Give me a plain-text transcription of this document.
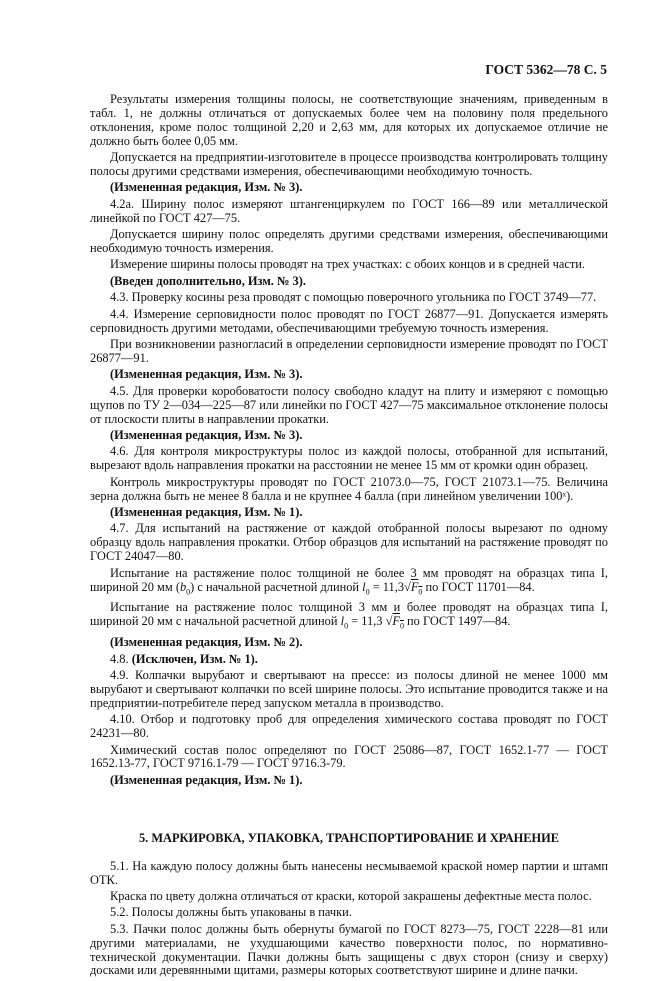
ГОСТ 5362—78 С. 5

Результаты измерения толщины полосы, не соответствующие значениям, приведенным в табл. 1, не должны отличаться от допускаемых более чем на половину поля предельного отклонения, кроме полос толщиной 2,20 и 2,63 мм, для которых их допускаемое отличие не должно быть более 0,05 мм.

Допускается на предприятии-изготовителе в процессе производства контролировать толщину полосы другими средствами измерения, обеспечивающими необходимую точность.

(Измененная редакция, Изм. № 3).

4.2а. Ширину полос измеряют штангенциркулем по ГОСТ 166—89 или металлической линейкой по ГОСТ 427—75.

Допускается ширину полос определять другими средствами измерения, обеспечивающими необходимую точность измерения.

Измерение ширины полосы проводят на трех участках: с обоих концов и в средней части.

(Введен дополнительно, Изм. № 3).

4.3. Проверку косины реза проводят с помощью поверочного угольника по ГОСТ 3749—77.

4.4. Измерение серповидности полос проводят по ГОСТ 26877—91. Допускается измерять серповидность другими методами, обеспечивающими требуемую точность измерения.

При возникновении разногласий в определении серповидности измерение проводят по ГОСТ 26877—91.

(Измененная редакция, Изм. № 3).

4.5. Для проверки коробоватости полосу свободно кладут на плиту и измеряют с помощью щупов по ТУ 2—034—225—87 или линейки по ГОСТ 427—75 максимальное отклонение полосы от плоскости плиты в направлении прокатки.

(Измененная редакция, Изм. № 3).

4.6. Для контроля микроструктуры полос из каждой полосы, отобранной для испытаний, вырезают вдоль направления прокатки на расстоянии не менее 15 мм от кромки один образец.

Контроль микроструктуры проводят по ГОСТ 21073.0—75, ГОСТ 21073.1—75. Величина зерна должна быть не менее 8 балла и не крупнее 4 балла (при линейном увеличении 100ˣ).

(Измененная редакция, Изм. № 1).

4.7. Для испытаний на растяжение от каждой отобранной полосы вырезают по одному образцу вдоль направления прокатки. Отбор образцов для испытаний на растяжение проводят по ГОСТ 24047—80.

Испытание на растяжение полос толщиной не более 3 мм проводят на образцах типа I, шириной 20 мм $(b_0)$ с начальной расчетной длиной $l_0 = 11,3√F_0$ по ГОСТ 11701—84.

Испытание на растяжение полос толщиной 3 мм и более проводят на образцах типа I, шириной 20 мм с начальной расчетной длиной $l_0 = 11,3$ $√F_0$ по ГОСТ 1497—84.

(Измененная редакция, Изм. № 2).

4.8. (Исключен, Изм. № 1).

4.9. Колпачки вырубают и свертывают на прессе: из полосы длиной не менее 1000 мм вырубают и свертывают колпачки по всей ширине полосы. Это испытание проводится также и на предприятии-потребителе перед запуском металла в производство.

4.10. Отбор и подготовку проб для определения химического состава проводят по ГОСТ 24231—80.

Химический состав полос определяют по ГОСТ 25086—87, ГОСТ 1652.1-77 — ГОСТ 1652.13-77, ГОСТ 9716.1-79 — ГОСТ 9716.3-79.

(Измененная редакция, Изм. № 1).

5. МАРКИРОВКА, УПАКОВКА, ТРАНСПОРТИРОВАНИЕ И ХРАНЕНИЕ

5.1. На каждую полосу должны быть нанесены несмываемой краской номер партии и штамп ОТК.

Краска по цвету должна отличаться от краски, которой закрашены дефектные места полос.

5.2. Полосы должны быть упакованы в пачки.

5.3. Пачки полос должны быть обернуты бумагой по ГОСТ 8273—75, ГОСТ 2228—81 или другими материалами, не ухудшающими качество поверхности полос, по нормативно-технической документации. Пачки должны быть защищены с двух сторон (снизу и сверху) досками или деревянными щитами, размеры которых соответствуют ширине и длине пачки.
